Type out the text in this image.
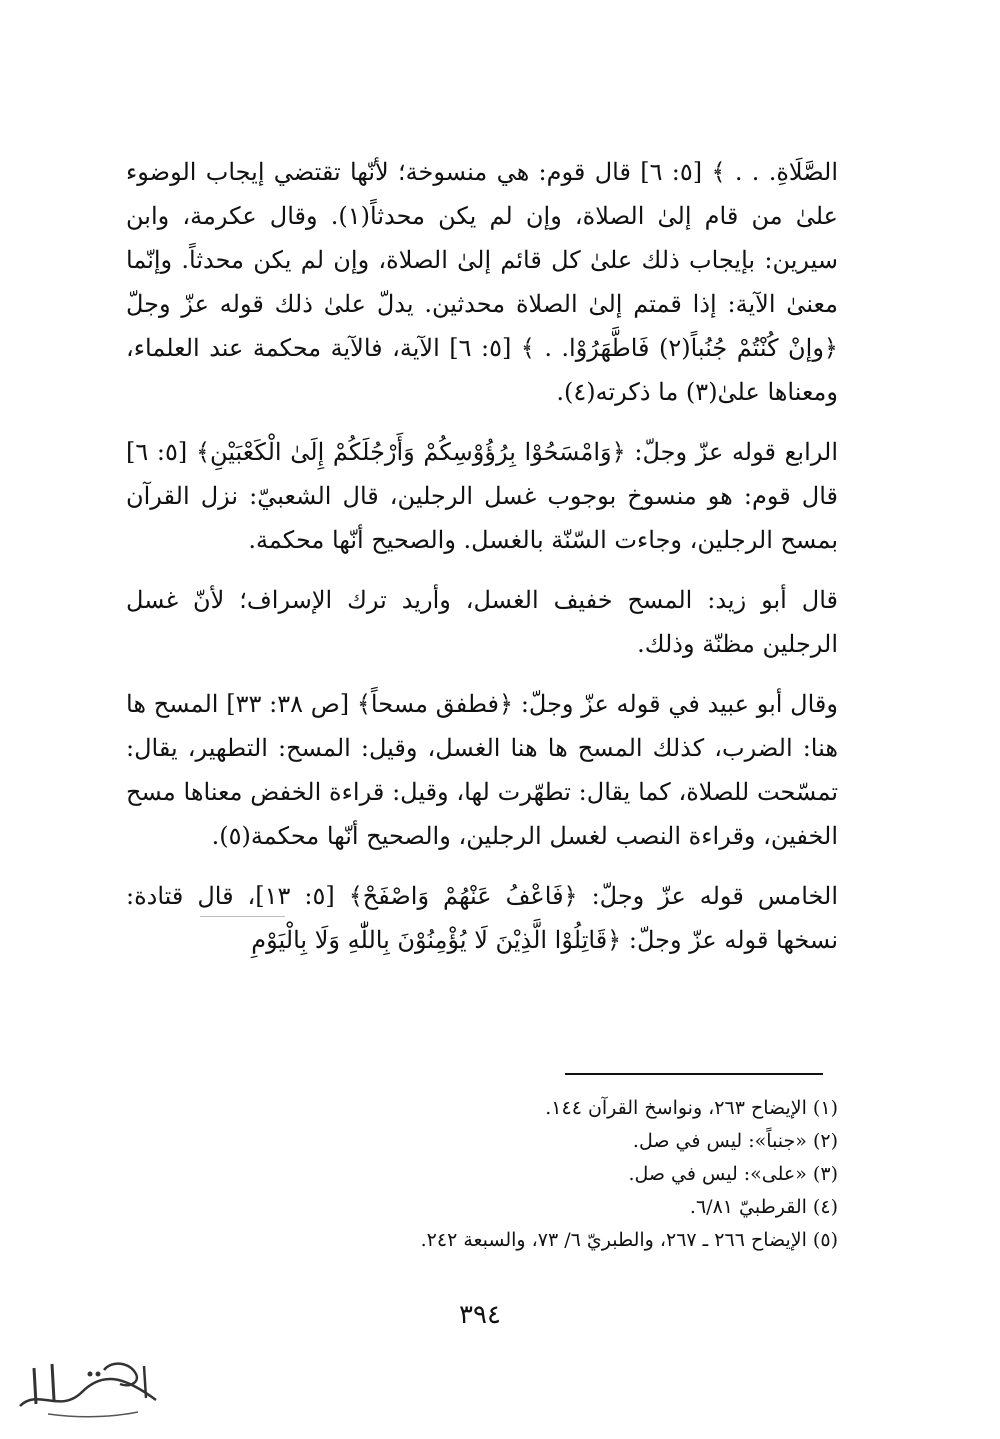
الصَّلَاةِ. . . ﴾ [٥: ٦] قال قوم: هي منسوخة؛ لأنّها تقتضي إيجاب الوضوء علىٰ من قام إلىٰ الصلاة، وإن لم يكن محدثاً(١). وقال عكرمة، وابن سيرين: بإيجاب ذلك علىٰ كل قائم إلىٰ الصلاة، وإن لم يكن محدثاً. وإنّما معنىٰ الآية: إذا قمتم إلىٰ الصلاة محدثين. يدلّ علىٰ ذلك قوله عزّ وجلّ ﴿وإنْ كُنْتُمْ جُنُباً(٢) فَاطَّهَرُوْا. . ﴾ [٥: ٦] الآية، فالآية محكمة عند العلماء، ومعناها علىٰ(٣) ما ذكرته(٤).

الرابع قوله عزّ وجلّ: ﴿وَامْسَحُوْا بِرُؤُوْسِكُمْ وَأَرْجُلَكُمْ إِلَىٰ الْكَعْبَيْنِ﴾ [٥: ٦] قال قوم: هو منسوخ بوجوب غسل الرجلين، قال الشعبيّ: نزل القرآن بمسح الرجلين، وجاءت السّنّة بالغسل. والصحيح أنّها محكمة.

قال أبو زيد: المسح خفيف الغسل، وأريد ترك الإسراف؛ لأنّ غسل الرجلين مظنّة وذلك.

وقال أبو عبيد في قوله عزّ وجلّ: ﴿فطفق مسحاً﴾ [ص ٣٨: ٣٣] المسح ها هنا: الضرب، كذلك المسح ها هنا الغسل، وقيل: المسح: التطهير، يقال: تمسّحت للصلاة، كما يقال: تطهّرت لها، وقيل: قراءة الخفض معناها مسح الخفين، وقراءة النصب لغسل الرجلين، والصحيح أنّها محكمة(٥).

الخامس قوله عزّ وجلّ: ﴿فَاعْفُ عَنْهُمْ وَاصْفَحْ﴾ [٥: ١٣]، قال قتادة: نسخها قوله عزّ وجلّ: ﴿قَاتِلُوْا الَّذِيْنَ لَا يُؤْمِنُوْنَ بِاللّٰهِ وَلَا بِالْيَوْمِ

(١) الإيضاح ٢٦٣، ونواسخ القرآن ١٤٤.
(٢) «جنباً»: ليس في صل.
(٣) «على»: ليس في صل.
(٤) القرطبيّ ٦/٨١.
(٥) الإيضاح ٢٦٦ ـ ٢٦٧، والطبريّ ٦/ ٧٣، والسبعة ٢٤٢.
٣٩٤
